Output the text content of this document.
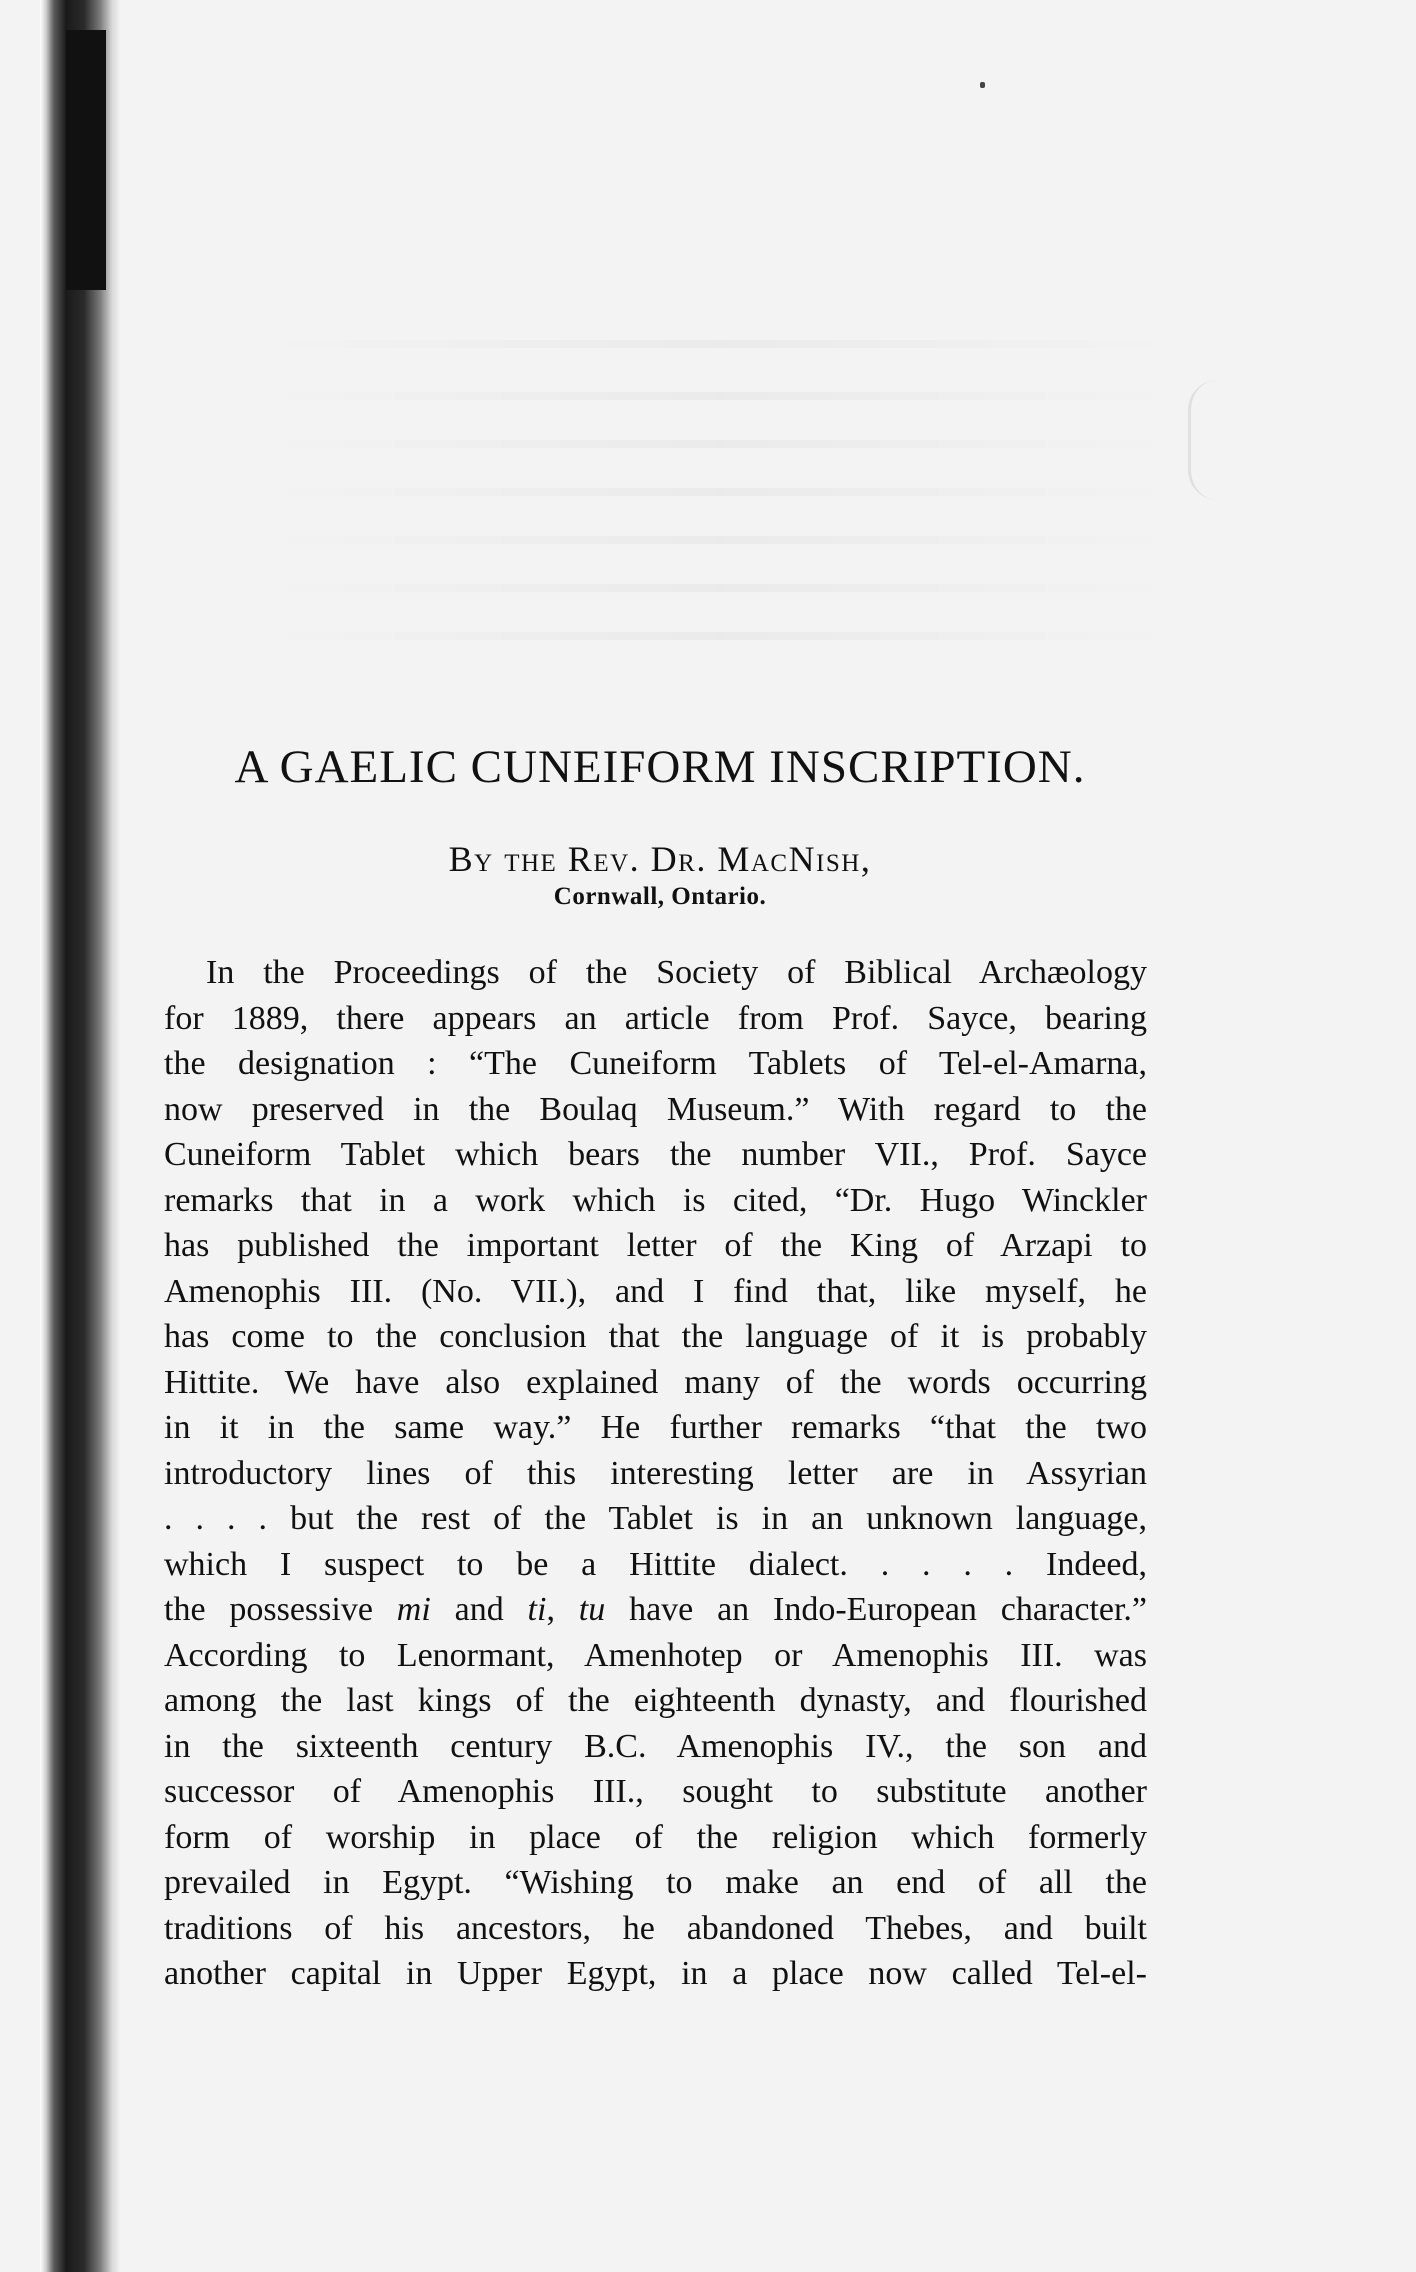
A GAELIC CUNEIFORM INSCRIPTION.
By the Rev. Dr. MacNish,
Cornwall, Ontario.
In the Proceedings of the Society of Biblical Archæology
for 1889, there appears an article from Prof. Sayce, bearing
the designation : “The Cuneiform Tablets of Tel-el-Amarna,
now preserved in the Boulaq Museum.” With regard to the
Cuneiform Tablet which bears the number VII., Prof. Sayce
remarks that in a work which is cited, “Dr. Hugo Winckler
has published the important letter of the King of Arzapi to
Amenophis III. (No. VII.), and I find that, like myself, he
has come to the conclusion that the language of it is probably
Hittite. We have also explained many of the words occurring
in it in the same way.” He further remarks “that the two
introductory lines of this interesting letter are in Assyrian
. . . . but the rest of the Tablet is in an unknown language,
which I suspect to be a Hittite dialect. . . . . Indeed,
the possessive mi and ti, tu have an Indo-European character.”
According to Lenormant, Amenhotep or Amenophis III. was
among the last kings of the eighteenth dynasty, and flourished
in the sixteenth century B.C. Amenophis IV., the son and
successor of Amenophis III., sought to substitute another
form of worship in place of the religion which formerly
prevailed in Egypt. “Wishing to make an end of all the
traditions of his ancestors, he abandoned Thebes, and built
another capital in Upper Egypt, in a place now called Tel-el-
